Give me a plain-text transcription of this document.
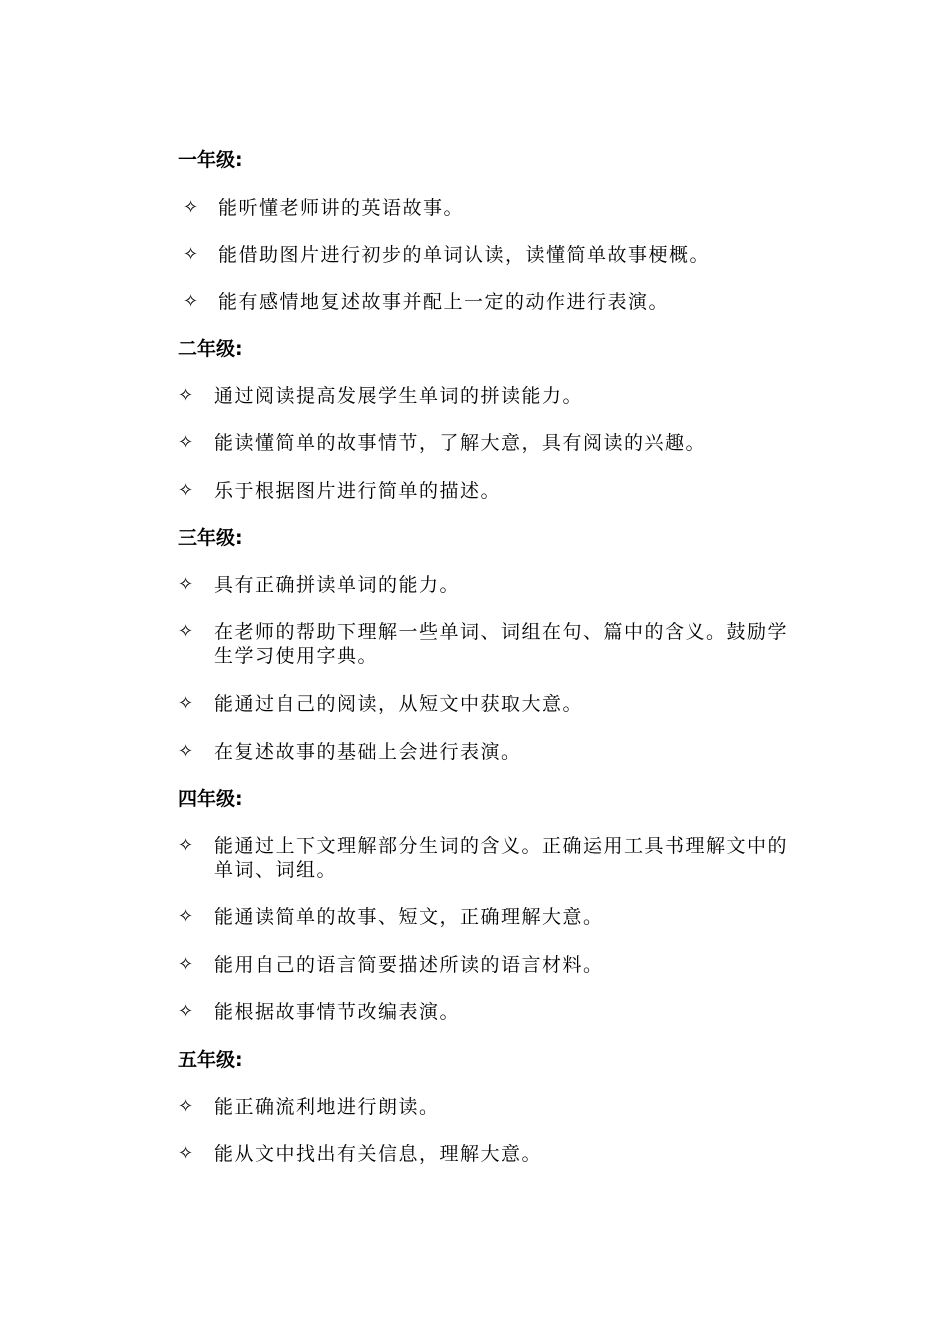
一年级:
✧ 能听懂老师讲的英语故事。
✧ 能借助图片进行初步的单词认读，读懂简单故事梗概。
✧ 能有感情地复述故事并配上一定的动作进行表演。
二年级:
✧	通过阅读提高发展学生单词的拼读能力。
✧	能读懂简单的故事情节，了解大意，具有阅读的兴趣。
✧	乐于根据图片进行简单的描述。
三年级:
✧	具有正确拼读单词的能力。
✧	在老师的帮助下理解一些单词、词组在句、篇中的含义。鼓励学生学习使用字典。
✧	能通过自己的阅读，从短文中获取大意。
✧	在复述故事的基础上会进行表演。
四年级:
✧	能通过上下文理解部分生词的含义。正确运用工具书理解文中的单词、词组。
✧	能通读简单的故事、短文，正确理解大意。
✧	能用自己的语言简要描述所读的语言材料。
✧	能根据故事情节改编表演。
五年级:
✧	能正确流利地进行朗读。
✧	能从文中找出有关信息，理解大意。
